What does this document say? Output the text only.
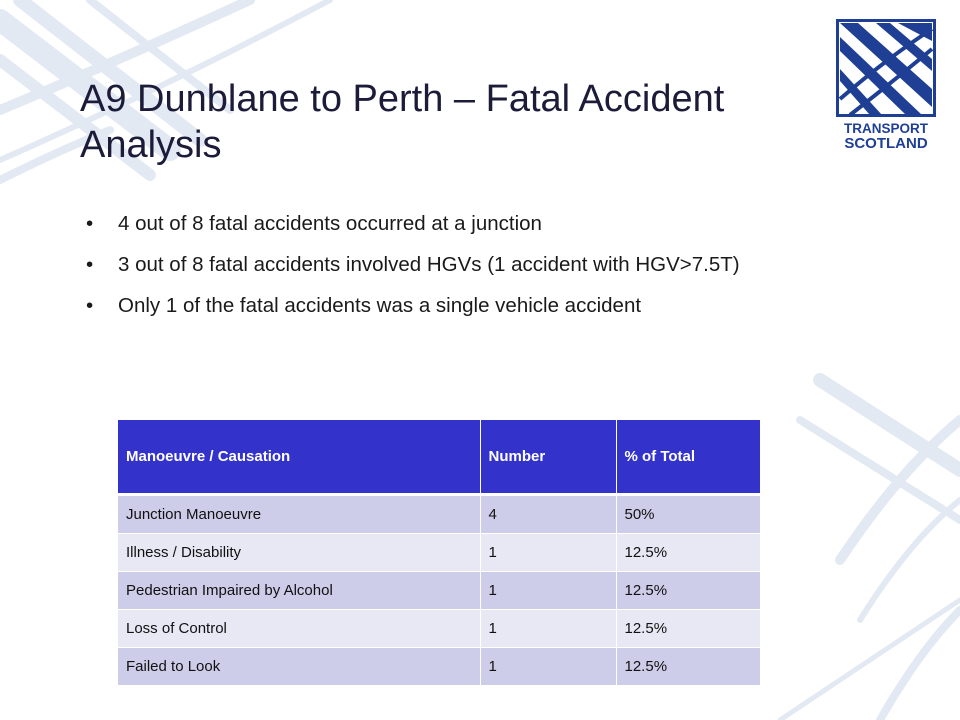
A9 Dunblane to Perth – Fatal Accident Analysis
• 4 out of 8 fatal accidents occurred at a junction
• 3 out of 8 fatal accidents involved HGVs (1 accident with HGV>7.5T)
• Only 1 of the fatal accidents was a single vehicle accident
TRANSPORT
SCOTLAND
Manoeuvre / Causation	Number	% of Total
Junction Manoeuvre	4	50%
Illness / Disability	1	12.5%
Pedestrian Impaired by Alcohol	1	12.5%
Loss of Control	1	12.5%
Failed to Look	1	12.5%
